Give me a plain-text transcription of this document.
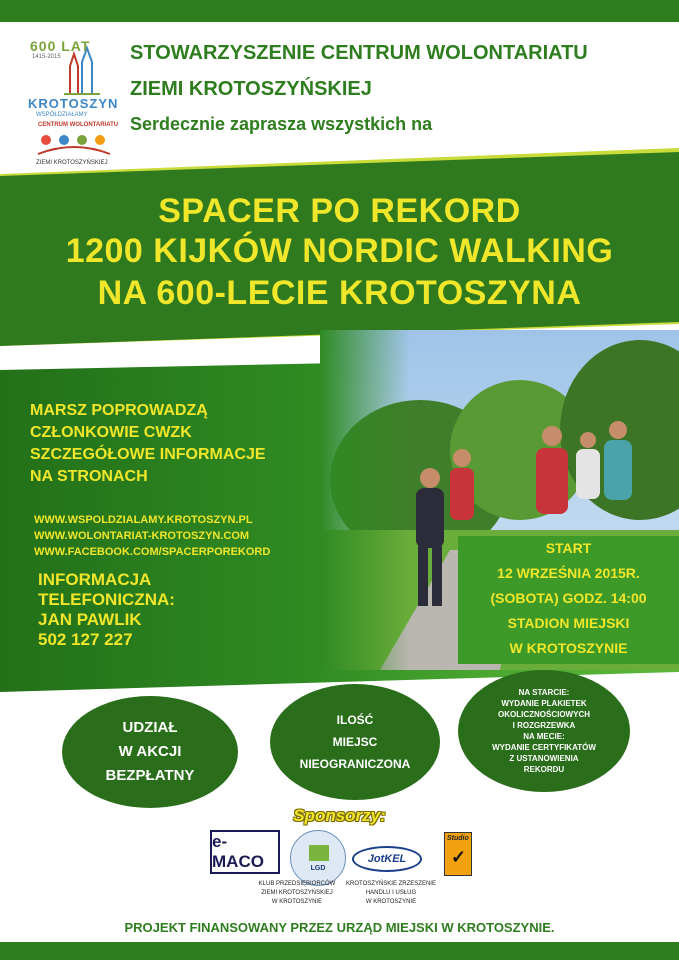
600 LAT
1415-2015
KROTOSZYN
WSPÓŁDZIAŁAMY
CENTRUM WOLONTARIATU
ZIEMI KROTOSZYŃSKIEJ
STOWARZYSZENIE CENTRUM WOLONTARIATU
ZIEMI KROTOSZYŃSKIEJ
Serdecznie zaprasza wszystkich na
SPACER PO REKORD
1200 KIJKÓW NORDIC WALKING
NA 600-LECIE KROTOSZYNA
MARSZ POPROWADZĄ
CZŁONKOWIE CWZK
SZCZEGÓŁOWE INFORMACJE
NA STRONACH
WWW.WSPOLDZIALAMY.KROTOSZYN.PL
WWW.WOLONTARIAT-KROTOSZYN.COM
WWW.FACEBOOK.COM/SPACERPOREKORD
INFORMACJA
TELEFONICZNA:
JAN PAWLIK
502 127 227
START
12 WRZEŚNIA 2015R.
(SOBOTA) GODZ. 14:00
STADION MIEJSKI
W KROTOSZYNIE
UDZIAŁ
W AKCJI
BEZPŁATNY
ILOŚĆ
MIEJSC
NIEOGRANICZONA
NA STARCIE:
WYDANIE PLAKIETEK
OKOLICZNOŚCIOWYCH
I ROZGRZEWKA
NA MECIE:
WYDANIE CERTYFIKATÓW
Z USTANOWIENIA
REKORDU
Sponsorzy:
e-MACO	LGD
JotKEL
Studio
✓
KLUB PRZEDSIĘBIORCÓW
ZIEMI KROTOSZYŃSKIEJ
W KROTOSZYNIE
KROTOSZYŃSKIE ZRZESZENIE
HANDLU I USŁUG
W KROTOSZYNIE
PROJEKT FINANSOWANY PRZEZ URZĄD MIEJSKI W KROTOSZYNIE.
